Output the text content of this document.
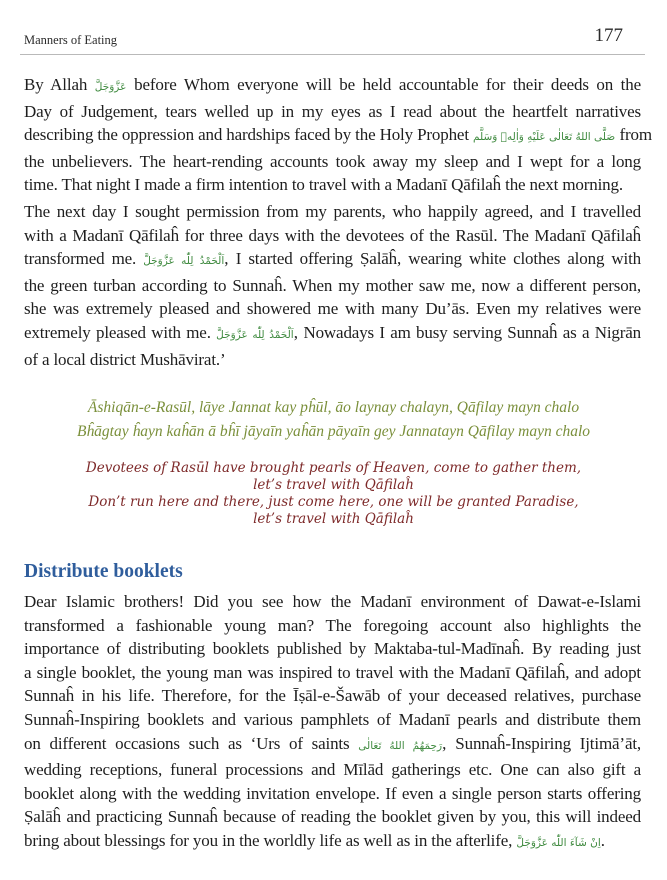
Manners of Eating	177
By Allah عَزَّوَجَلَّ before Whom everyone will be held accountable for their deeds on the
Day of Judgement, tears welled up in my eyes as I read about the heartfelt narratives
describing the oppression and hardships faced by the Holy Prophet صَلَّى اللهُ تَعَالٰى عَلَيْهِ وَاٰلِهٖ وَسَلَّم from
the unbelievers. The heart-rending accounts took away my sleep and I wept for a long
time. That night I made a firm intention to travel with a Madanī Qāfilaĥ the next morning.
The next day I sought permission from my parents, who happily agreed, and I travelled
with a Madanī Qāfilaĥ for three days with the devotees of the Rasūl. The Madanī Qāfilaĥ
transformed me. اَلْحَمْدُ لِلّٰه عَزَّوَجَلَّ, I started offering Ṣalāĥ, wearing white clothes along with
the green turban according to Sunnaĥ. When my mother saw me, now a different person,
she was extremely pleased and showered me with many Du’ās. Even my relatives were
extremely pleased with me. اَلْحَمْدُ لِلّٰه عَزَّوَجَلَّ, Nowadays I am busy serving Sunnaĥ as a Nigrān
of a local district Mushāvirat.’
Āshiqān-e-Rasūl, lāye Jannat kay pĥūl, āo laynay chalayn, Qāfilay mayn chalo
Bĥāgtay ĥayn kaĥān ā bĥī jāyaīn yaĥān pāyaīn gey Jannatayn Qāfilay mayn chalo
Devotees of Rasūl have brought pearls of Heaven, come to gather them,
let’s travel with Qāfilaĥ
Don’t run here and there, just come here, one will be granted Paradise,
let’s travel with Qāfilaĥ
Distribute booklets
Dear Islamic brothers! Did you see how the Madanī environment of Dawat-e-Islami
transformed a fashionable young man? The foregoing account also highlights the
importance of distributing booklets published by Maktaba-tul-Madīnaĥ. By reading just
a single booklet, the young man was inspired to travel with the Madanī Qāfilaĥ, and adopt
Sunnaĥ in his life. Therefore, for the Īṣāl-e-Šawāb of your deceased relatives, purchase
Sunnaĥ-Inspiring booklets and various pamphlets of Madanī pearls and distribute them
on different occasions such as ‘Urs of saints رَحِمَهُمُ اللهُ تَعَالٰى, Sunnaĥ-Inspiring Ijtimā’āt,
wedding receptions, funeral processions and Mīlād gatherings etc. One can also gift a
booklet along with the wedding invitation envelope. If even a single person starts offering
Ṣalāĥ and practicing Sunnaĥ because of reading the booklet given by you, this will indeed
bring about blessings for you in the worldly life as well as in the afterlife, اِنْ شَآءَ اللّٰه عَزَّوَجَلَّ.
